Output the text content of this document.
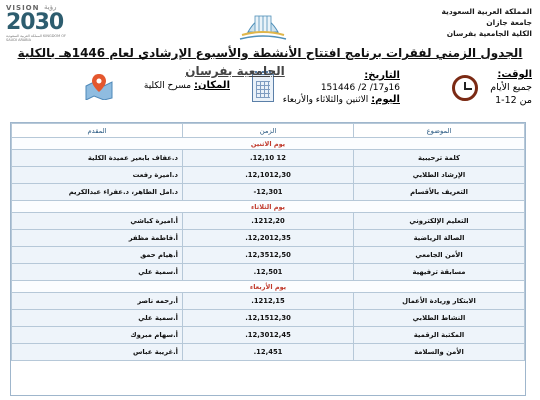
المملكة العربية السعودية
جامعة جازان
الكلية الجامعية بفرسان
VISION رؤية
2030
المملكة العربية السعودية KINGDOM OF SAUDI ARABIA
الجدول الزمني لفقرات برنامج افتتاح الأنشطة والأسبوع الإرشادي لعام 1446هـ بالكلية
الوقت:
جميع الأيام
من 12-1
التاريخ:
16و17/ 2/ 151446
اليوم: الاثنين والثلاثاء والأربعاء
الجامعية بفرسان
المكان: مسرح الكلية
الموضوع	الزمن	المقدم
يوم الاثنين		
كلمة ترحيبية	12 12,10.	د.عفاف بابعير عميدة الكلية
الإرشاد الطلابي	12,1012,30.	د.اميرة رفعت
التعريف بالأقسام	12,301-	د.امل الطاهر، د.عفراء عبدالكريم
يوم الثلاثاء		
التعليم الإلكتروني	1212,20.	أ.اميرة كباشي
الصالة الرياضية	12,2012,35.	أ.فاطمة مظفر
الأمن الجامعي	12,3512,50.	أ.هيام حمق
مسابقة ترفيهية	12,501.	أ.سمية علي
يوم الأربعاء		
الابتكار وريادة الأعمال	1212,15.	أ.رحمه ناصر
النشاط الطلابي	12,1512,30.	أ.سمية علي
المكتبة الرقمية	12,3012,45.	أ.سهام مبروك
الأمن والسلامة	12,451.	أ.غريبة عباس
